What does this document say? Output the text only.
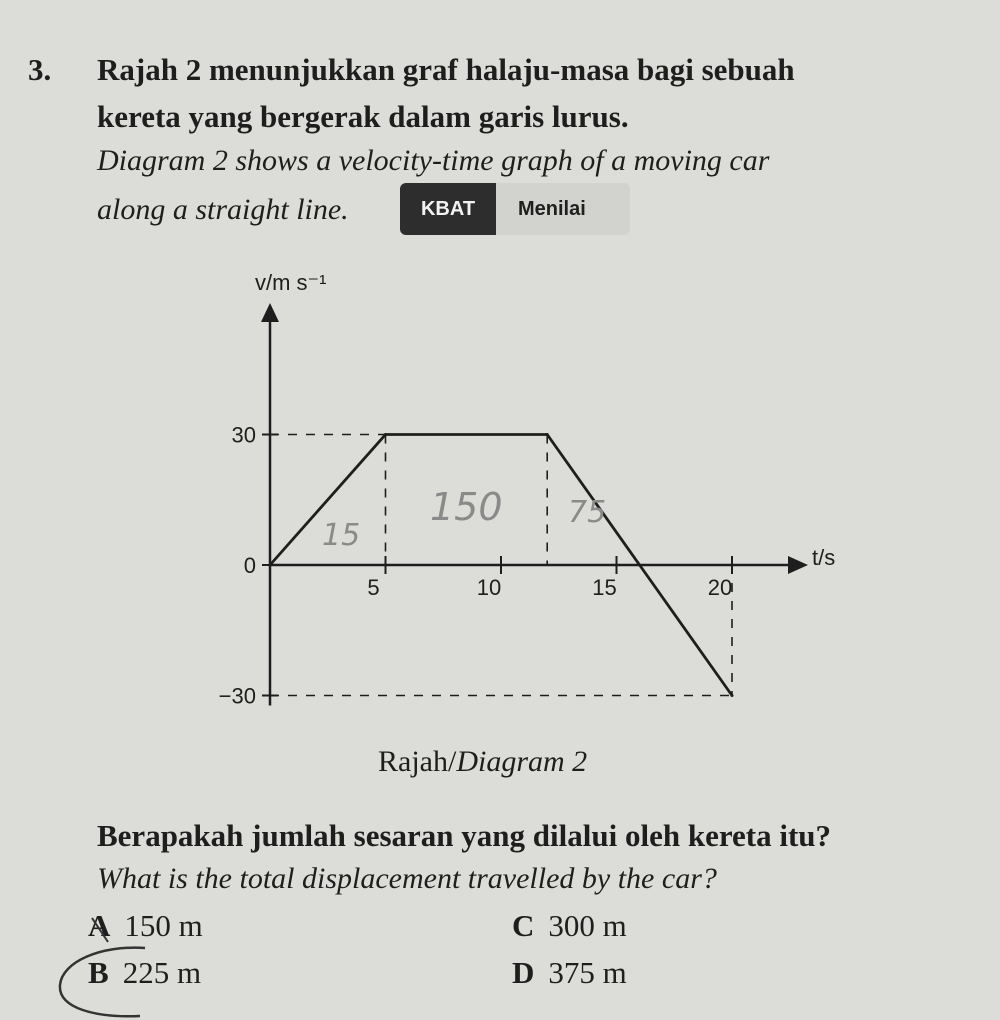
3. Rajah 2 menunjukkan graf halaju-masa bagi sebuah
kereta yang bergerak dalam garis lurus.
Diagram 2 shows a velocity-time graph of a moving car
along a straight line.	KBAT	Menilai
v/m s⁻¹
t/s
30
0
−30
5	10	15	20
15
150 75
Rajah/Diagram 2
Berapakah jumlah sesaran yang dilalui oleh kereta itu?
What is the total displacement travelled by the car?
A 150 m
B 225 m
C 300 m
D 375 m
